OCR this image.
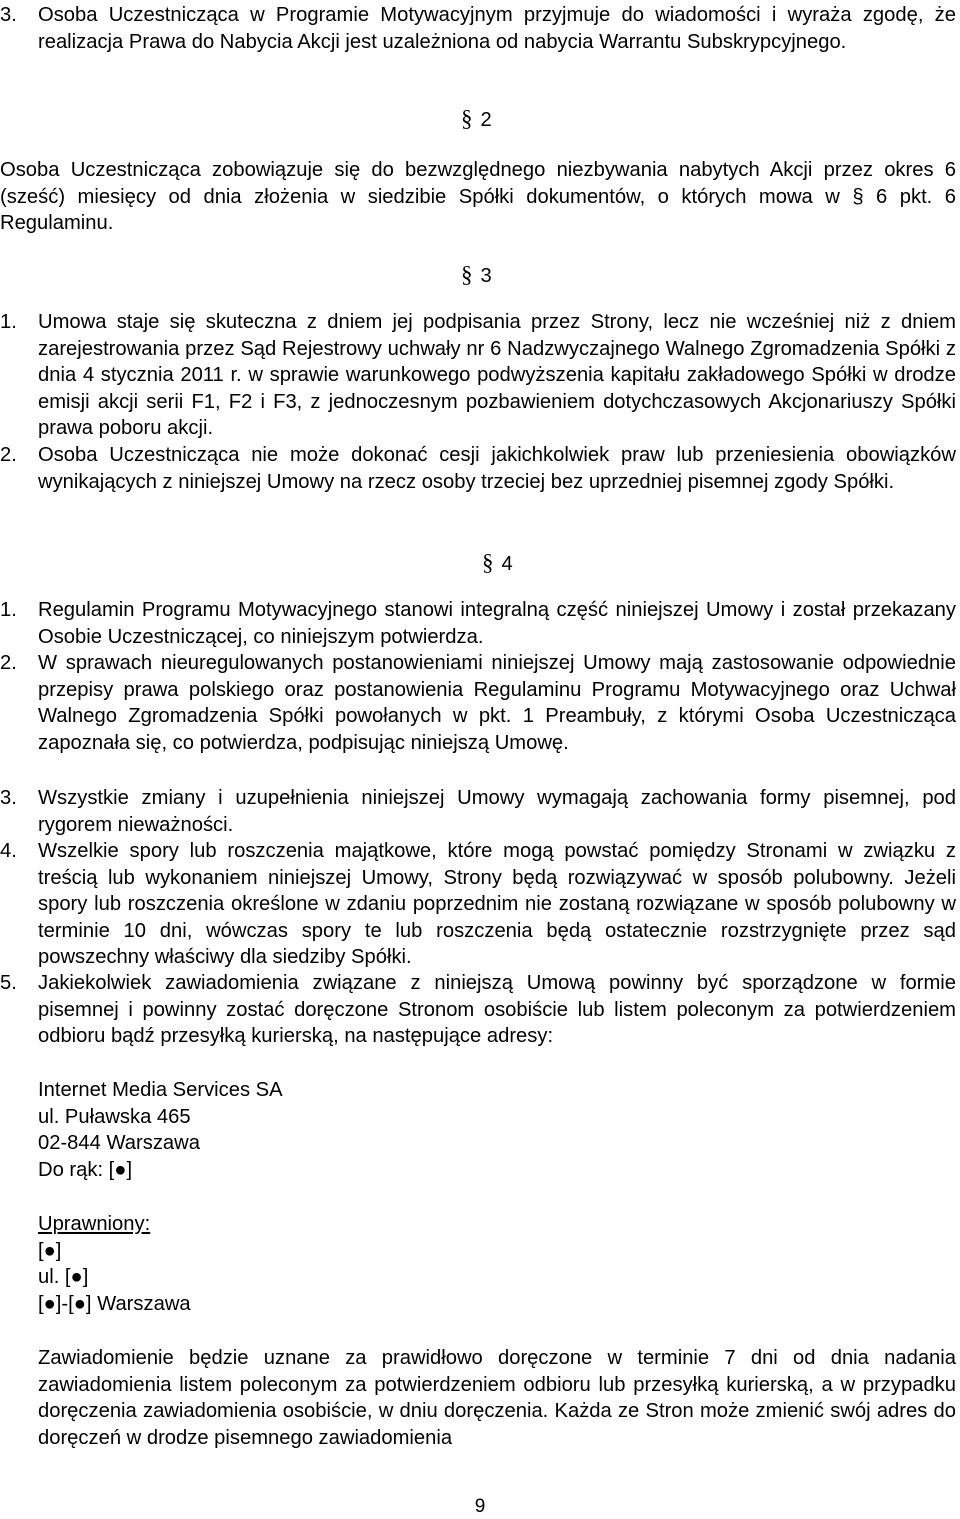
3.	Osoba Uczestnicząca w Programie Motywacyjnym przyjmuje do wiadomości i wyraża zgodę, że realizacja Prawa do Nabycia Akcji jest uzależniona od nabycia Warrantu Subskrypcyjnego.
§ 2

Osoba Uczestnicząca zobowiązuje się do bezwzględnego niezbywania nabytych Akcji przez okres 6 (sześć) miesięcy od dnia złożenia w siedzibie Spółki dokumentów, o których mowa w § 6 pkt. 6 Regulaminu.

§ 3
1.	Umowa staje się skuteczna z dniem jej podpisania przez Strony, lecz nie wcześniej niż z dniem zarejestrowania przez Sąd Rejestrowy uchwały nr 6 Nadzwyczajnego Walnego Zgromadzenia Spółki z dnia 4 stycznia 2011 r. w sprawie warunkowego podwyższenia kapitału zakładowego Spółki w drodze emisji akcji serii F1, F2 i F3, z jednoczesnym pozbawieniem dotychczasowych Akcjonariuszy Spółki prawa poboru akcji.
2.	Osoba Uczestnicząca nie może dokonać cesji jakichkolwiek praw lub przeniesienia obowiązków wynikających z niniejszej Umowy na rzecz osoby trzeciej bez uprzedniej pisemnej zgody Spółki.
§ 4
1.	Regulamin Programu Motywacyjnego stanowi integralną część niniejszej Umowy i został przekazany Osobie Uczestniczącej, co niniejszym potwierdza.
2.	W sprawach nieuregulowanych postanowieniami niniejszej Umowy mają zastosowanie odpowiednie przepisy prawa polskiego oraz postanowienia Regulaminu Programu Motywacyjnego oraz Uchwał Walnego Zgromadzenia Spółki powołanych w pkt. 1 Preambuły, z którymi Osoba Uczestnicząca zapoznała się, co potwierdza, podpisując niniejszą Umowę.
3.	Wszystkie zmiany i uzupełnienia niniejszej Umowy wymagają zachowania formy pisemnej, pod rygorem nieważności.
4.	Wszelkie spory lub roszczenia majątkowe, które mogą powstać pomiędzy Stronami w związku z treścią lub wykonaniem niniejszej Umowy, Strony będą rozwiązywać w sposób polubowny. Jeżeli spory lub roszczenia określone w zdaniu poprzednim nie zostaną rozwiązane w sposób polubowny w terminie 10 dni, wówczas spory te lub roszczenia będą ostatecznie rozstrzygnięte przez sąd powszechny właściwy dla siedziby Spółki.
5.	Jakiekolwiek zawiadomienia związane z niniejszą Umową powinny być sporządzone w formie pisemnej i powinny zostać doręczone Stronom osobiście lub listem poleconym za potwierdzeniem odbioru bądź przesyłką kurierską, na następujące adresy:
Internet Media Services SA
ul. Puławska 465
02-844 Warszawa
Do rąk: [●]
Uprawniony:
[●]
ul. [●]
[●]-[●] Warszawa

Zawiadomienie będzie uznane za prawidłowo doręczone w terminie 7 dni od dnia nadania zawiadomienia listem poleconym za potwierdzeniem odbioru lub przesyłką kurierską, a w przypadku doręczenia zawiadomienia osobiście, w dniu doręczenia. Każda ze Stron może zmienić swój adres do doręczeń w drodze pisemnego zawiadomienia

9
